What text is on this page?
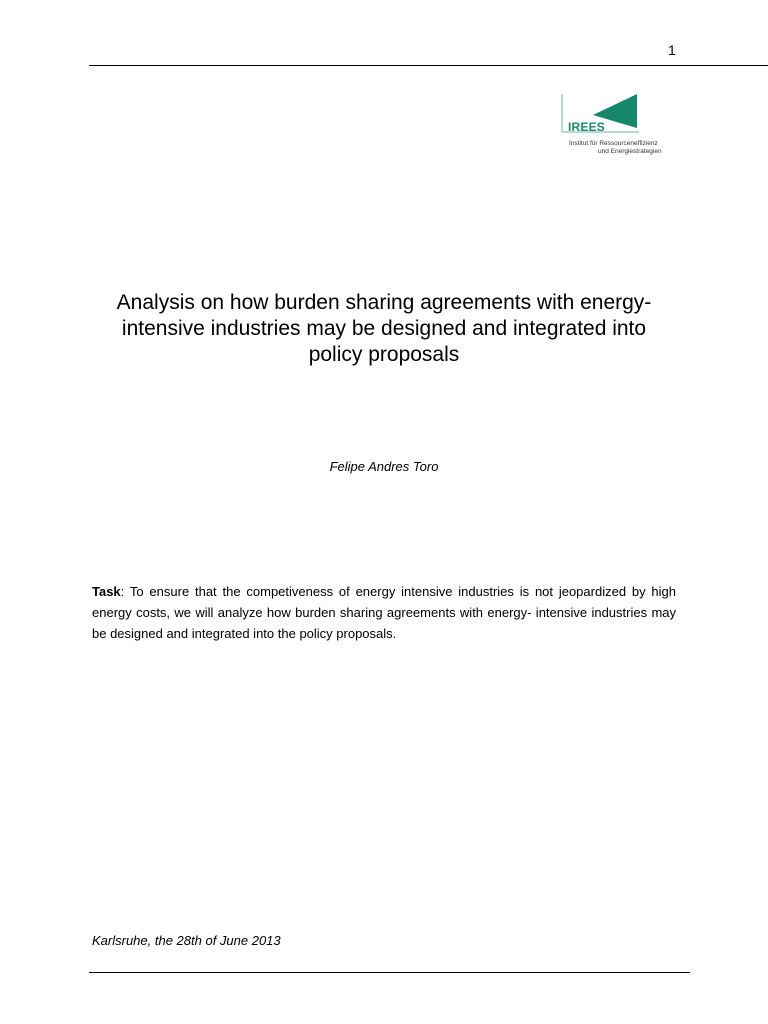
1
IREES
Institut für Ressourceneffizienz
und Energiestrategien
Analysis on how burden sharing agreements with energy-intensive industries may be designed and integrated into policy proposals
Felipe Andres Toro

Task: To ensure that the competiveness of energy intensive industries is not jeopardized by high energy costs, we will analyze how burden sharing agreements with energy- intensive industries may be designed and integrated into the policy proposals.

Karlsruhe, the 28th of June 2013
